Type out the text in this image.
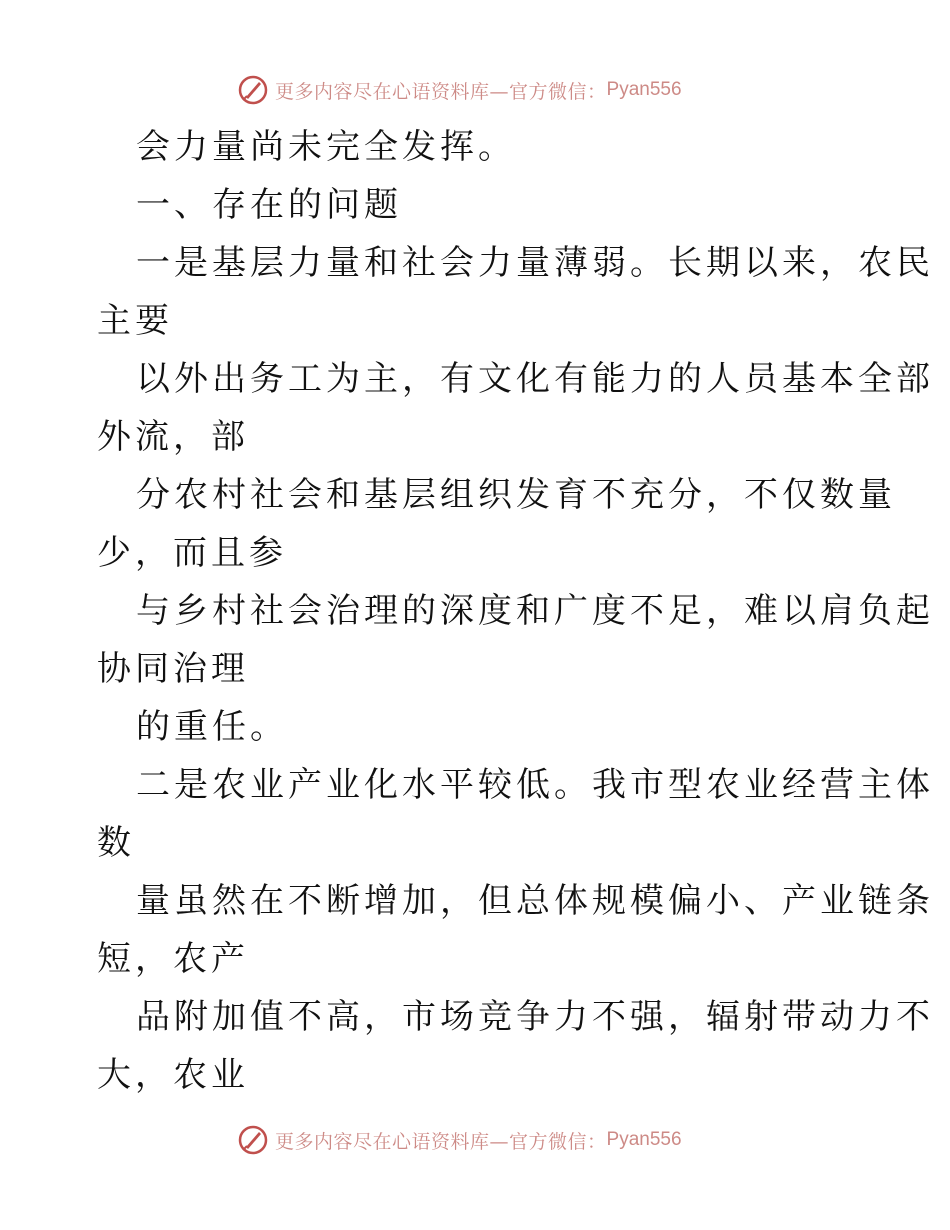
更多内容尽在心语资料库—官方微信： Pyan556
会力量尚未完全发挥。
一、存在的问题
一是基层力量和社会力量薄弱。长期以来，农民
主要
以外出务工为主，有文化有能力的人员基本全部
外流，部
分农村社会和基层组织发育不充分，不仅数量
少，而且参
与乡村社会治理的深度和广度不足，难以肩负起
协同治理
的重任。
二是农业产业化水平较低。我市型农业经营主体
数
量虽然在不断增加，但总体规模偏小、产业链条
短，农产
品附加值不高，市场竞争力不强，辐射带动力不
大，农业
更多内容尽在心语资料库—官方微信： Pyan556
